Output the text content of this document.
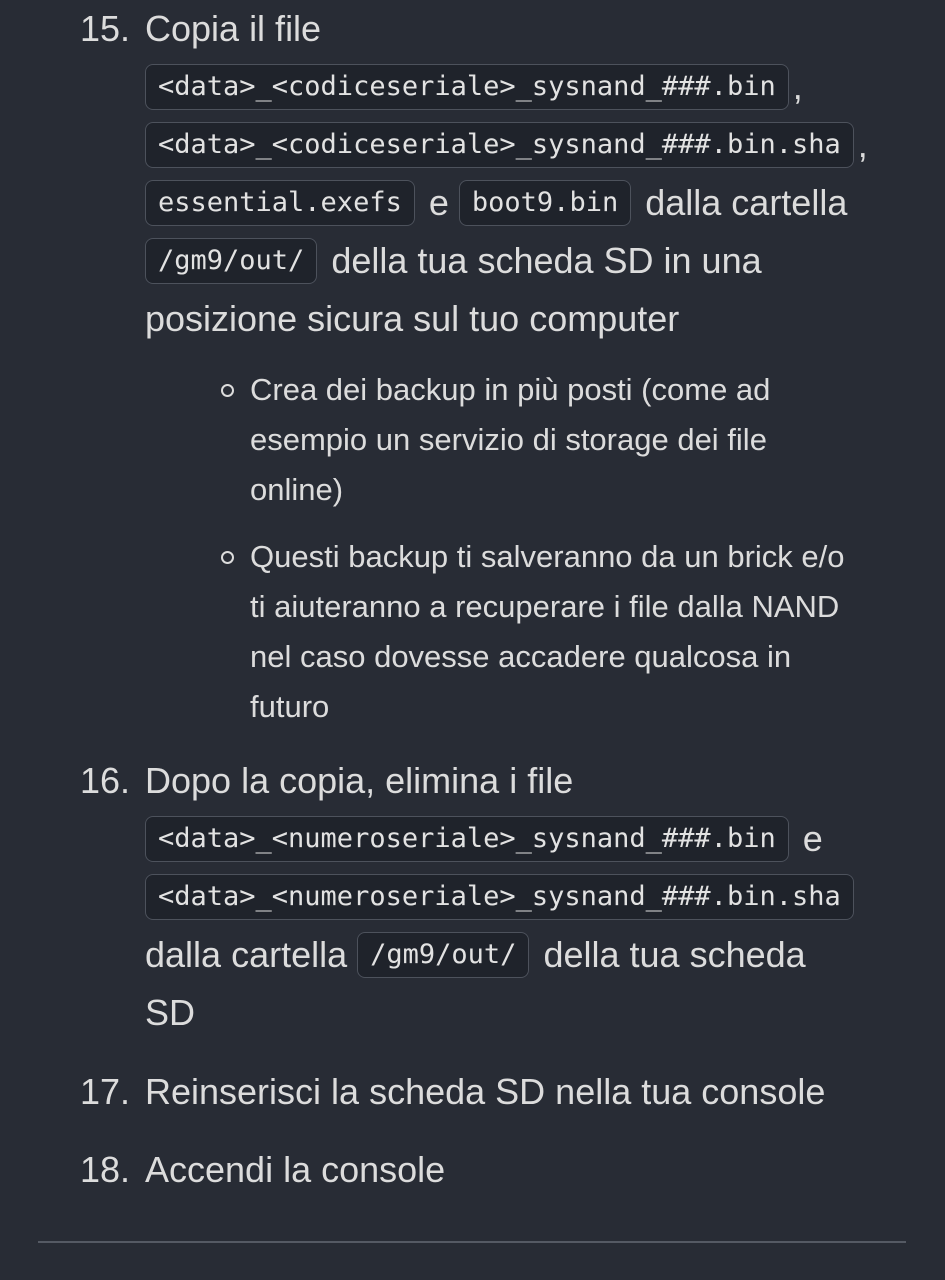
15. Copia il file
<data>_<codiceseriale>_sysnand_###.bin ,
<data>_<codiceseriale>_sysnand_###.bin.sha ,
essential.exefs e boot9.bin dalla cartella
/gm9/out/ della tua scheda SD in una
posizione sicura sul tuo computer
Crea dei backup in più posti (come ad
esempio un servizio di storage dei file
online)
Questi backup ti salveranno da un brick e/o
ti aiuteranno a recuperare i file dalla NAND
nel caso dovesse accadere qualcosa in
futuro
16. Dopo la copia, elimina i file
<data>_<numeroseriale>_sysnand_###.bin e
<data>_<numeroseriale>_sysnand_###.bin.sha
dalla cartella /gm9/out/ della tua scheda
SD
17. Reinserisci la scheda SD nella tua console
18. Accendi la console
